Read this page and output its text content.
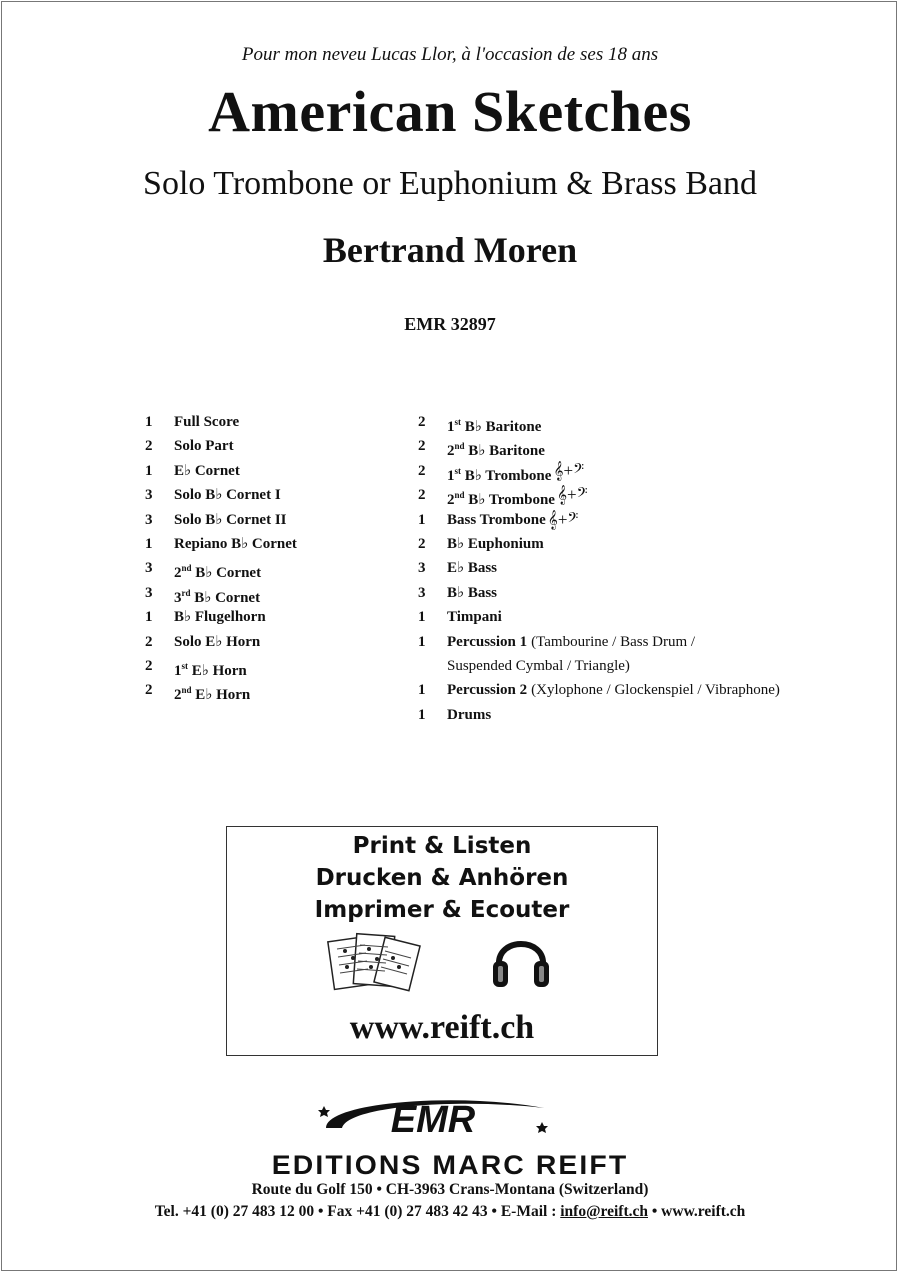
Pour mon neveu Lucas Llor, à l'occasion de ses 18 ans
American Sketches
Solo Trombone or Euphonium & Brass Band
Bertrand Moren
EMR 32897
1	Full Score
2	Solo Part
1	E♭ Cornet
3	Solo B♭ Cornet I
3	Solo B♭ Cornet II
1	Repiano B♭ Cornet
3	2nd B♭ Cornet
3	3rd B♭ Cornet
1	B♭ Flugelhorn
2	Solo E♭ Horn
2	1st E♭ Horn
2	2nd E♭ Horn
2	1st B♭ Baritone
2	2nd B♭ Baritone
2	1st B♭ Trombone 𝄞+𝄢
2	2nd B♭ Trombone 𝄞+𝄢
1	Bass Trombone 𝄞+𝄢
2	B♭ Euphonium
3	E♭ Bass
3	B♭ Bass
1	Timpani
1	Percussion 1 (Tambourine / Bass Drum /
Suspended Cymbal / Triangle)
1	Percussion 2 (Xylophone / Glockenspiel / Vibraphone)
1	Drums
Print & Listen
Drucken & Anhören
Imprimer & Ecouter
www.reift.ch
EMR
EDITIONS MARC REIFT
Route du Golf 150 • CH-3963 Crans-Montana (Switzerland)
Tel. +41 (0) 27 483 12 00 • Fax +41 (0) 27 483 42 43 • E-Mail : info@reift.ch • www.reift.ch
